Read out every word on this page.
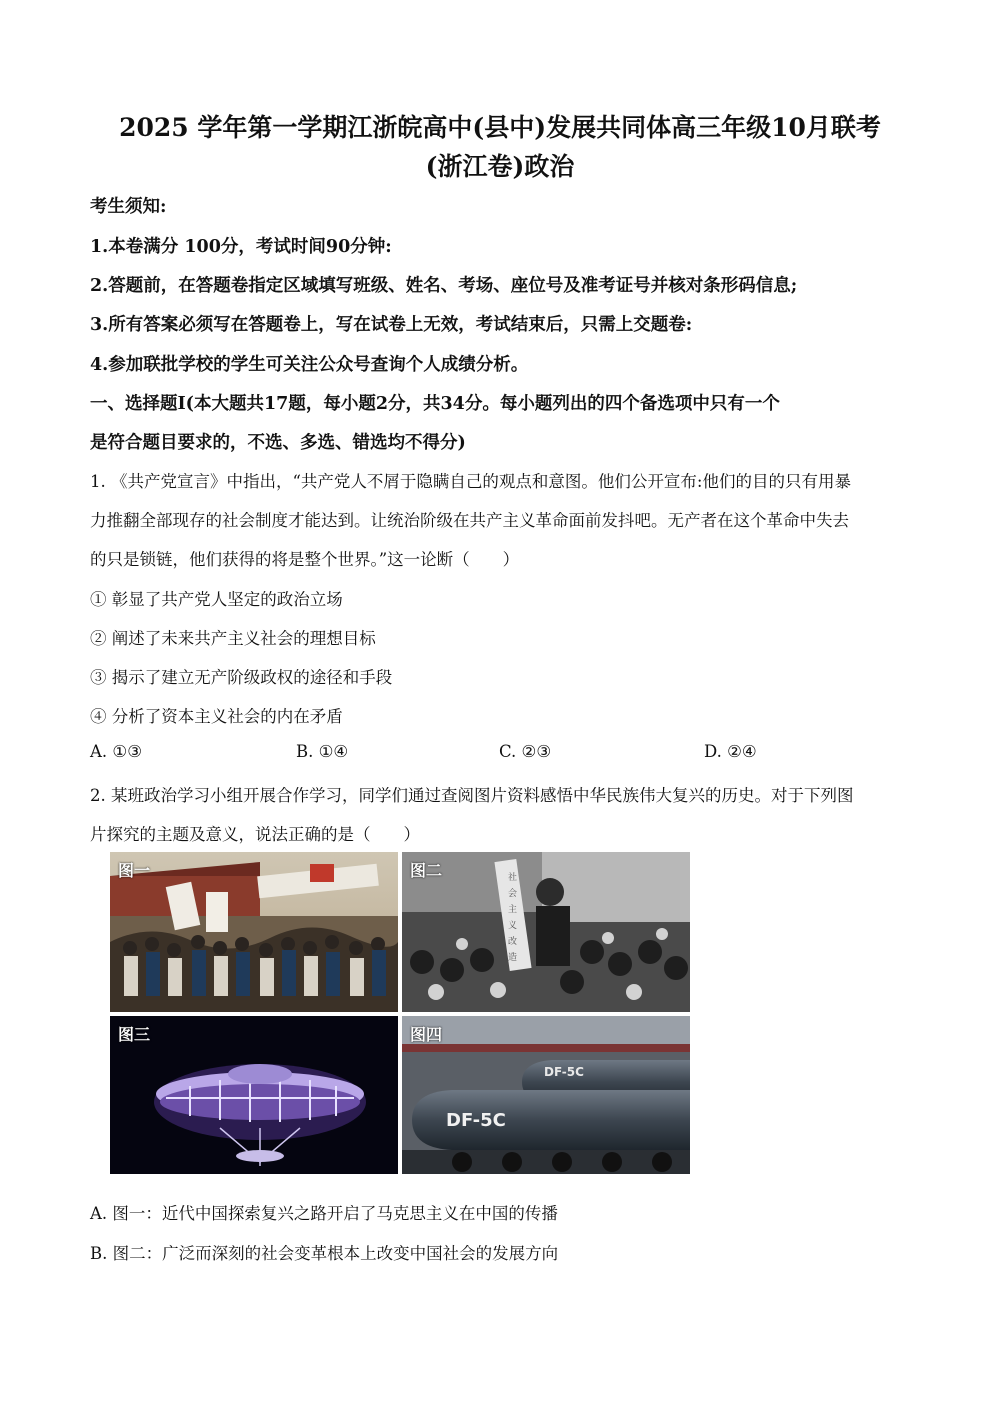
2025 学年第一学期江浙皖高中(县中)发展共同体高三年级10月联考
(浙江卷)政治
考生须知:
1.本卷满分 100分，考试时间90分钟:
2.答题前，在答题卷指定区域填写班级、姓名、考场、座位号及准考证号并核对条形码信息;
3.所有答案必须写在答题卷上，写在试卷上无效，考试结束后，只需上交题卷:
4.参加联批学校的学生可关注公众号查询个人成绩分析。
一、选择题I(本大题共17题，每小题2分，共34分。每小题列出的四个备选项中只有一个
是符合题目要求的，不选、多选、错选均不得分)
1. 《共产党宣言》中指出，“共产党人不屑于隐瞒自己的观点和意图。他们公开宣布:他们的目的只有用暴
力推翻全部现存的社会制度才能达到。让统治阶级在共产主义革命面前发抖吧。无产者在这个革命中失去
的只是锁链，他们获得的将是整个世界。”这一论断（　　）
① 彰显了共产党人坚定的政治立场
② 阐述了未来共产主义社会的理想目标
③ 揭示了建立无产阶级政权的途径和手段
④ 分析了资本主义社会的内在矛盾
A. ①③	B. ①④	C. ②③	D. ②④
2. 某班政治学习小组开展合作学习，同学们通过查阅图片资料感悟中华民族伟大复兴的历史。对于下列图
片探究的主题及意义，说法正确的是（　　）
图一	社
会
主
义
改
造
图二
图三
DF-5C
DF-5C
图四
A. 图一：近代中国探索复兴之路开启了马克思主义在中国的传播
B. 图二：广泛而深刻的社会变革根本上改变中国社会的发展方向
